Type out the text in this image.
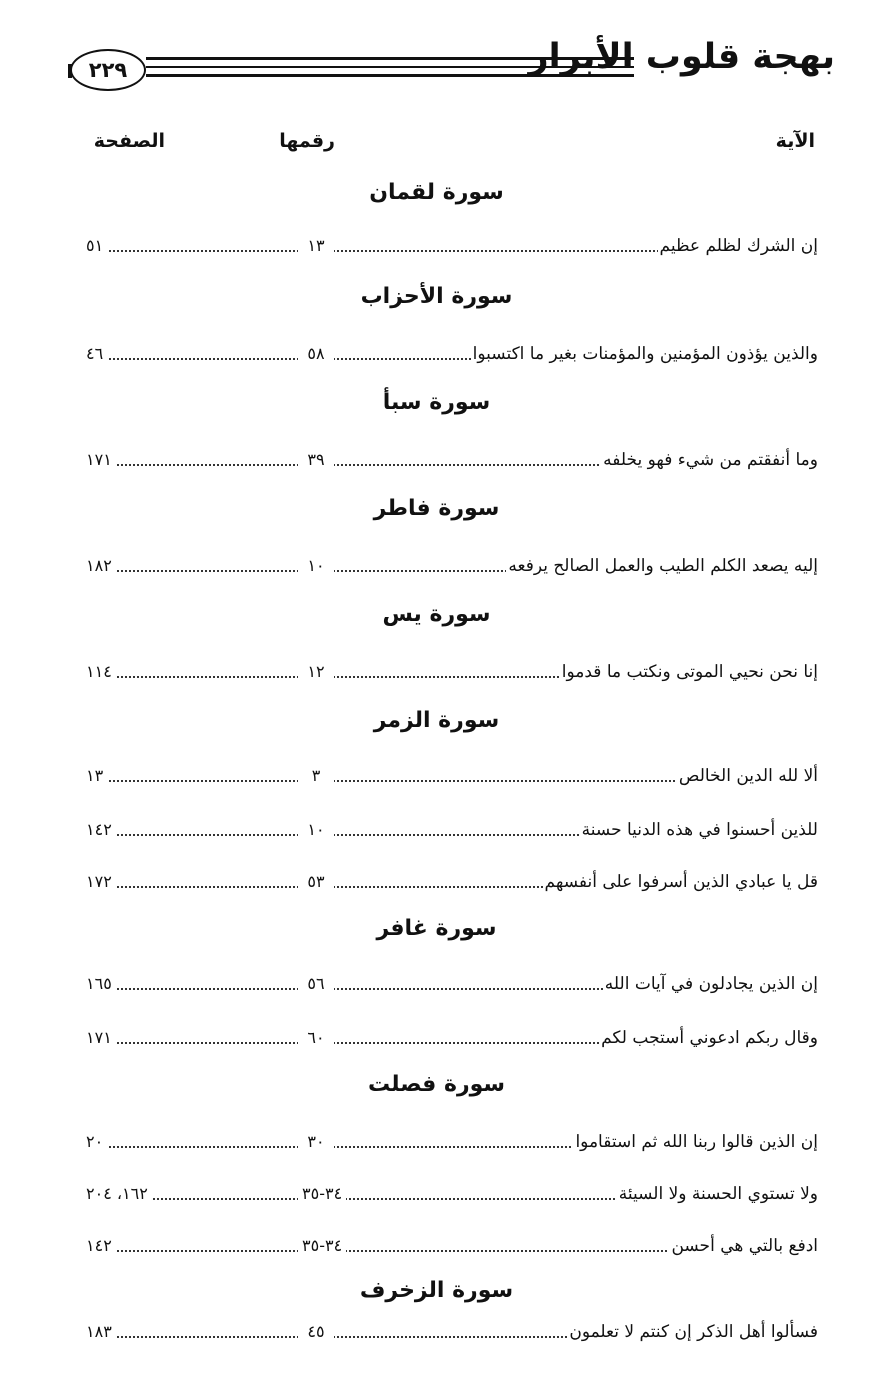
٢٢٩	بهجة قلوب الأبرار
الآية
رقمها
الصفحة
سورة لقمان
إن الشرك لظلم عظيم
١٣
٥١
سورة الأحزاب
والذين يؤذون المؤمنين والمؤمنات بغير ما اكتسبوا
٥٨
٤٦
سورة سبأ
وما أنفقتم من شيء فهو يخلفه
٣٩
١٧١
سورة فاطر
إليه يصعد الكلم الطيب والعمل الصالح يرفعه
١٠
١٨٢
سورة يس
إنا نحن نحيي الموتى ونكتب ما قدموا
١٢
١١٤
سورة الزمر
ألا لله الدين الخالص
٣
١٣
للذين أحسنوا في هذه الدنيا حسنة
١٠
١٤٢
قل يا عبادي الذين أسرفوا على أنفسهم
٥٣
١٧٢
سورة غافر
إن الذين يجادلون في آيات الله
٥٦
١٦٥
وقال ربكم ادعوني أستجب لكم
٦٠
١٧١
سورة فصلت
إن الذين قالوا ربنا الله ثم استقاموا
٣٠
٢٠
ولا تستوي الحسنة ولا السيئة
٣٤-٣٥
١٦٢، ٢٠٤
ادفع بالتي هي أحسن
٣٤-٣٥
١٤٢
سورة الزخرف
فسألوا أهل الذكر إن كنتم لا تعلمون
٤٥
١٨٣
